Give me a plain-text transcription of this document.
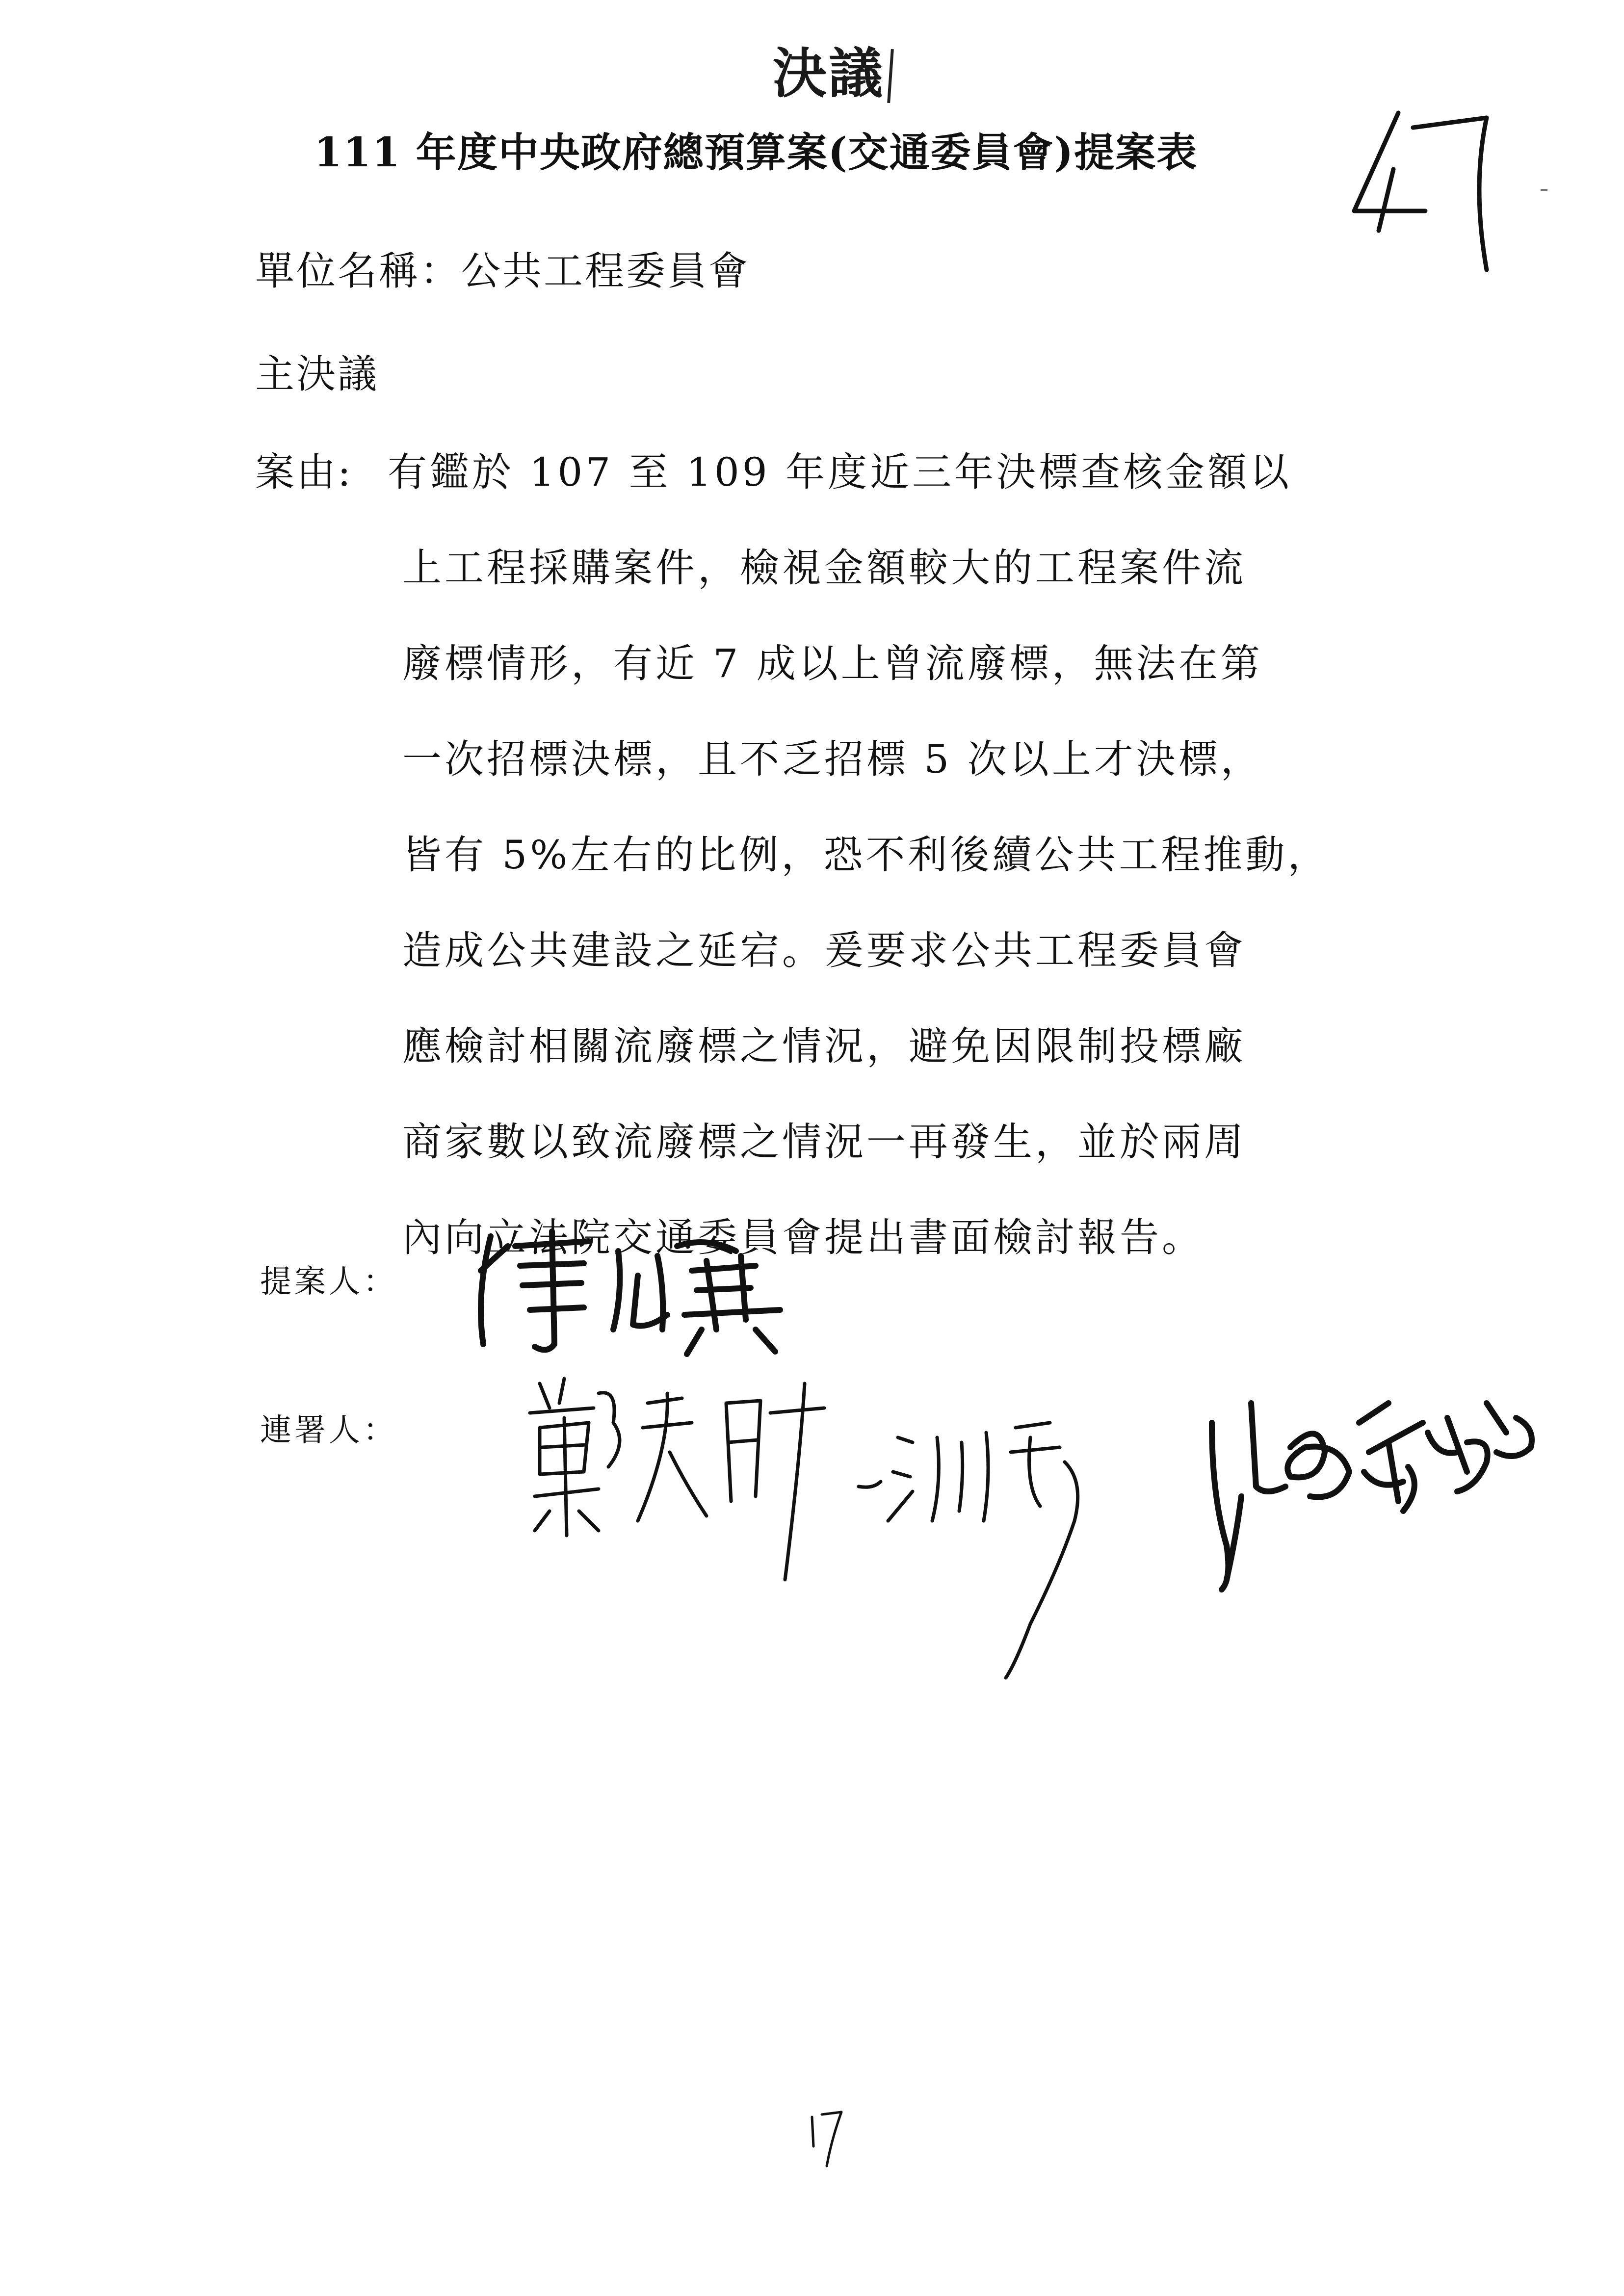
決議
111 年度中央政府總預算案(交通委員會)提案表
單位名稱：公共工程委員會
主決議
案由: 有鑑於 107 至 109 年度近三年決標查核金額以
上工程採購案件，檢視金額較大的工程案件流
廢標情形，有近 7 成以上曾流廢標，無法在第
一次招標決標，且不乏招標 5 次以上才決標，
皆有 5%左右的比例，恐不利後續公共工程推動，
造成公共建設之延宕。爰要求公共工程委員會
應檢討相關流廢標之情況，避免因限制投標廠
商家數以致流廢標之情況一再發生，並於兩周
內向立法院交通委員會提出書面檢討報告。
提案人：
連署人：
